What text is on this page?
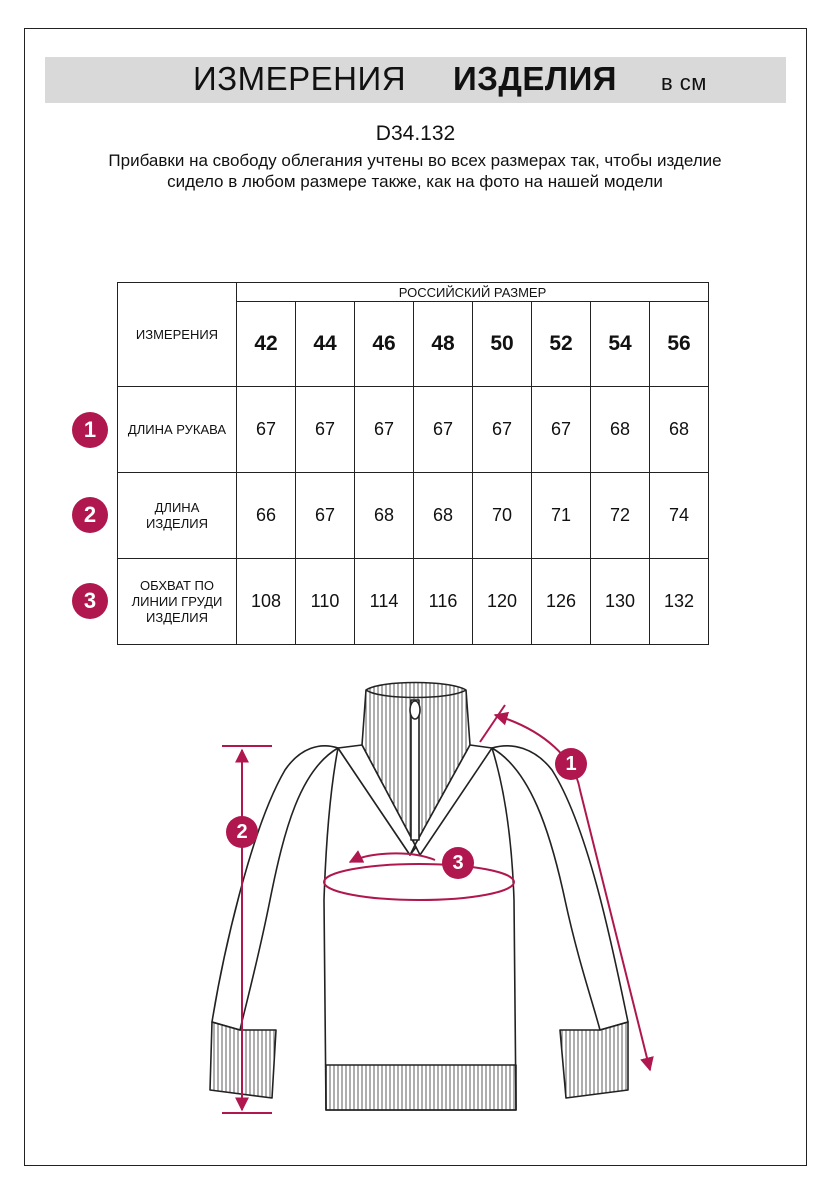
ИЗМЕРЕНИЯ ИЗДЕЛИЯ в см
D34.132
Прибавки на свободу облегания учтены во всех размерах так, чтобы изделие сидело в любом размере также, как на фото на нашей модели
1
2
3
ИЗМЕРЕНИЯ	РОССИЙСКИЙ РАЗМЕР							
	42	44	46	48	50	52	54	56
ДЛИНА РУКАВА	67	67	67	67	67	67	68	68
ДЛИНА ИЗДЕЛИЯ	66	67	68	68	70	71	72	74
ОБХВАТ ПО ЛИНИИ ГРУДИ ИЗДЕЛИЯ	108	110	114	116	120	126	130	132
2
1
3
